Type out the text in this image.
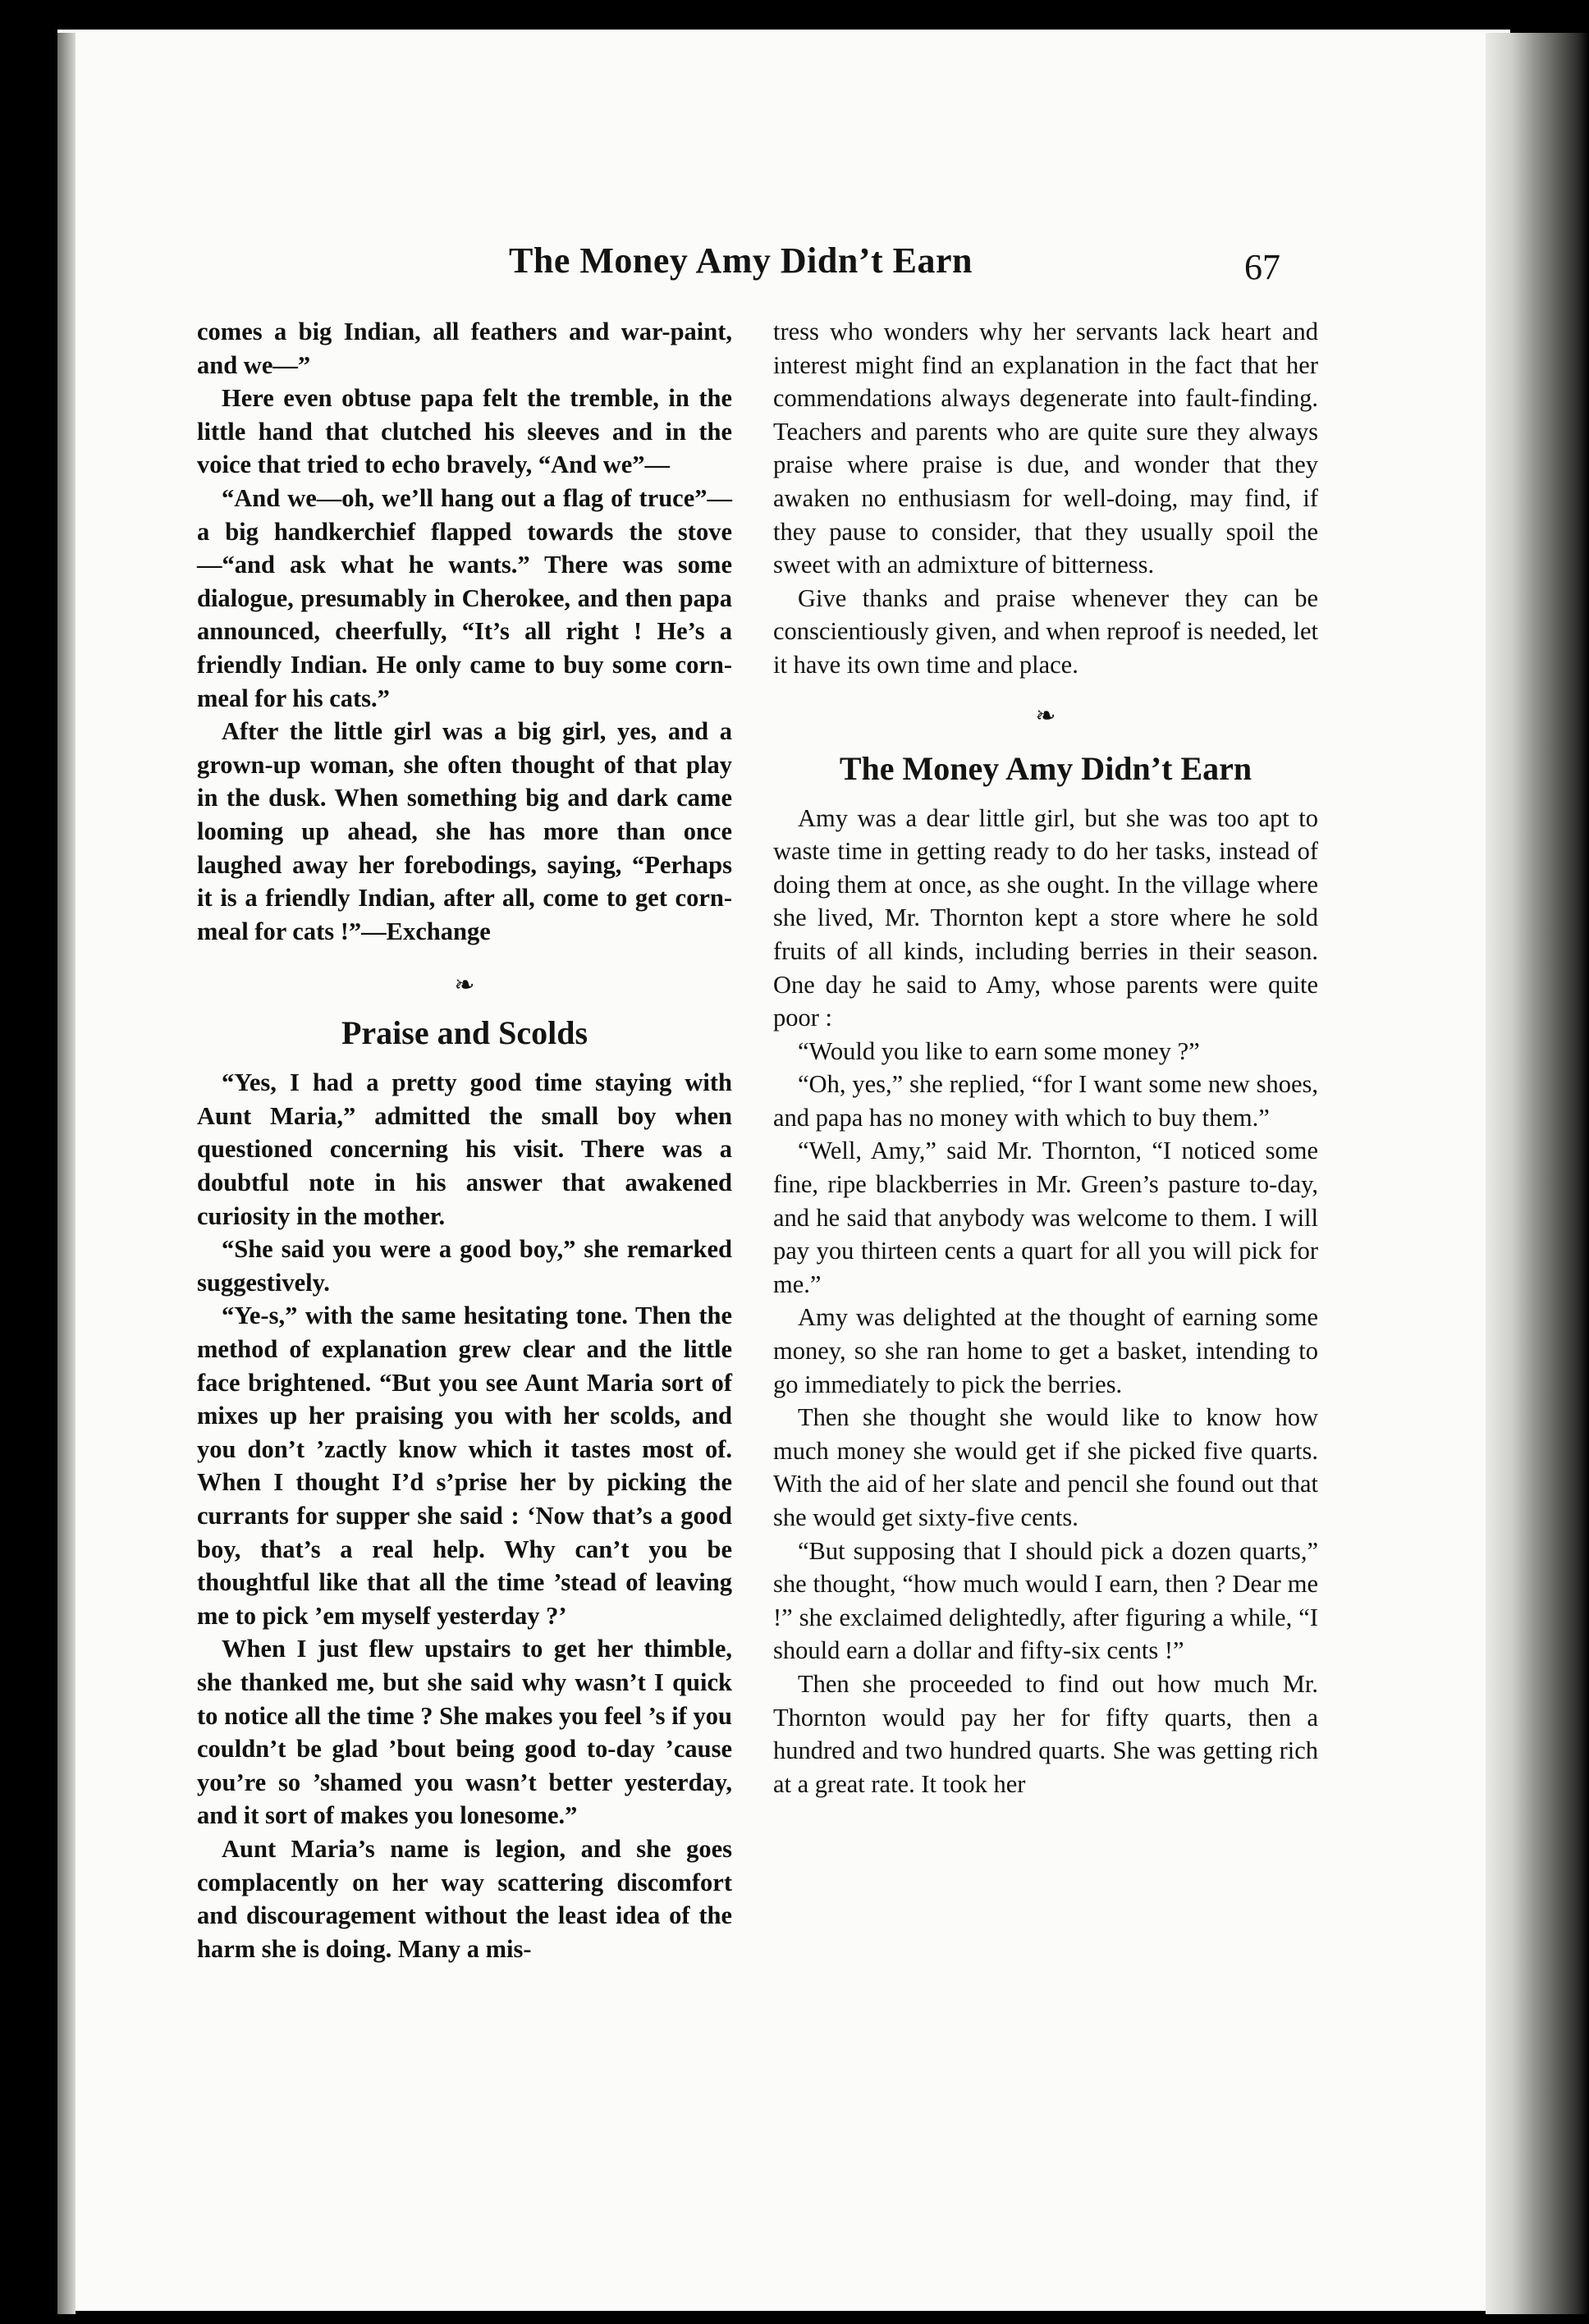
The Money Amy Didn’t Earn	67

comes a big Indian, all feathers and war-paint, and we—”

Here even obtuse papa felt the tremble, in the little hand that clutched his sleeves and in the voice that tried to echo bravely, “And we”—

“And we—oh, we’ll hang out a flag of truce”—a big handkerchief flapped towards the stove—“and ask what he wants.” There was some dialogue, presumably in Cherokee, and then papa announced, cheerfully, “It’s all right ! He’s a friendly Indian. He only came to buy some corn-meal for his cats.”

After the little girl was a big girl, yes, and a grown-up woman, she often thought of that play in the dusk. When something big and dark came looming up ahead, she has more than once laughed away her forebodings, saying, “Perhaps it is a friendly Indian, after all, come to get corn-meal for cats !”—Exchange

❧
Praise and Scolds

“Yes, I had a pretty good time staying with Aunt Maria,” admitted the small boy when questioned concerning his visit. There was a doubtful note in his answer that awakened curiosity in the mother.

“She said you were a good boy,” she remarked suggestively.

“Ye-s,” with the same hesitating tone. Then the method of explanation grew clear and the little face brightened. “But you see Aunt Maria sort of mixes up her praising you with her scolds, and you don’t ’zactly know which it tastes most of. When I thought I’d s’prise her by picking the currants for supper she said : ‘Now that’s a good boy, that’s a real help. Why can’t you be thoughtful like that all the time ’stead of leaving me to pick ’em myself yesterday ?’

When I just flew upstairs to get her thimble, she thanked me, but she said why wasn’t I quick to notice all the time ? She makes you feel ’s if you couldn’t be glad ’bout being good to-day ’cause you’re so ’shamed you wasn’t better yesterday, and it sort of makes you lonesome.”

Aunt Maria’s name is legion, and she goes complacently on her way scattering discomfort and discouragement without the least idea of the harm she is doing. Many a mis-

tress who wonders why her servants lack heart and interest might find an explanation in the fact that her commendations always degenerate into fault-finding. Teachers and parents who are quite sure they always praise where praise is due, and wonder that they awaken no enthusiasm for well-doing, may find, if they pause to consider, that they usually spoil the sweet with an admixture of bitterness.

Give thanks and praise whenever they can be conscientiously given, and when reproof is needed, let it have its own time and place.

❧
The Money Amy Didn’t Earn

Amy was a dear little girl, but she was too apt to waste time in getting ready to do her tasks, instead of doing them at once, as she ought. In the village where she lived, Mr. Thornton kept a store where he sold fruits of all kinds, including berries in their season. One day he said to Amy, whose parents were quite poor :

“Would you like to earn some money ?”

“Oh, yes,” she replied, “for I want some new shoes, and papa has no money with which to buy them.”

“Well, Amy,” said Mr. Thornton, “I noticed some fine, ripe blackberries in Mr. Green’s pasture to-day, and he said that anybody was welcome to them. I will pay you thirteen cents a quart for all you will pick for me.”

Amy was delighted at the thought of earning some money, so she ran home to get a basket, intending to go immediately to pick the berries.

Then she thought she would like to know how much money she would get if she picked five quarts. With the aid of her slate and pencil she found out that she would get sixty-five cents.

“But supposing that I should pick a dozen quarts,” she thought, “how much would I earn, then ? Dear me !” she exclaimed delightedly, after figuring a while, “I should earn a dollar and fifty-six cents !”

Then she proceeded to find out how much Mr. Thornton would pay her for fifty quarts, then a hundred and two hundred quarts. She was getting rich at a great rate. It took her
